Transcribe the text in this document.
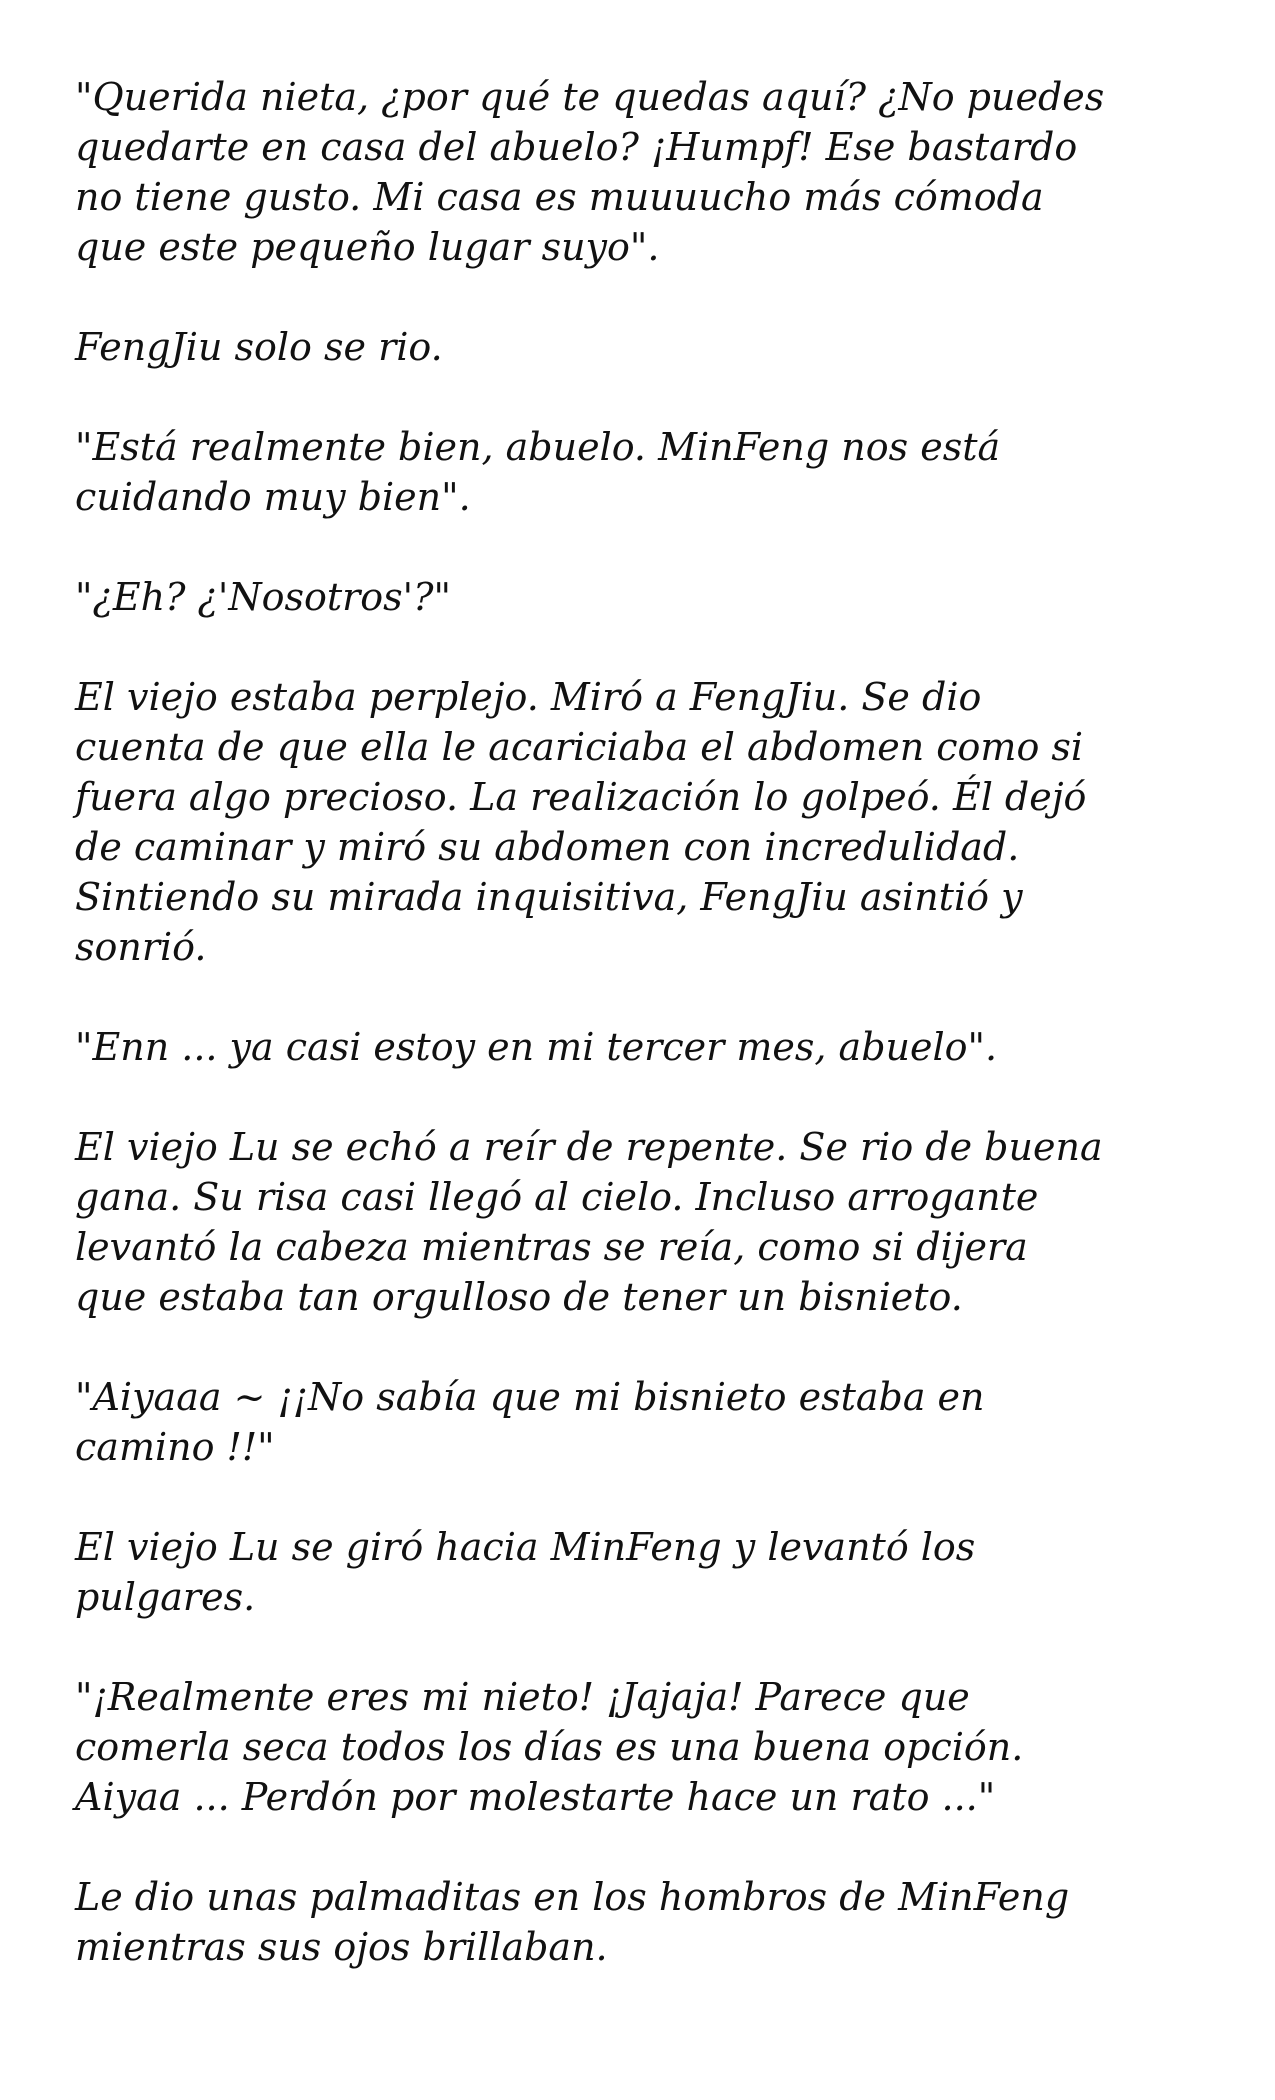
"Querida nieta, ¿por qué te quedas aquí? ¿No puedes
quedarte en casa del abuelo? ¡Humpf! Ese bastardo
no tiene gusto. Mi casa es muuuucho más cómoda
que este pequeño lugar suyo".

FengJiu solo se rio.

"Está realmente bien, abuelo. MinFeng nos está
cuidando muy bien".

"¿Eh? ¿'Nosotros'?"

El viejo estaba perplejo. Miró a FengJiu. Se dio
cuenta de que ella le acariciaba el abdomen como si
fuera algo precioso. La realización lo golpeó. Él dejó
de caminar y miró su abdomen con incredulidad.
Sintiendo su mirada inquisitiva, FengJiu asintió y
sonrió.

"Enn ... ya casi estoy en mi tercer mes, abuelo".

El viejo Lu se echó a reír de repente. Se rio de buena
gana. Su risa casi llegó al cielo. Incluso arrogante
levantó la cabeza mientras se reía, como si dijera
que estaba tan orgulloso de tener un bisnieto.

"Aiyaaa ~ ¡¡No sabía que mi bisnieto estaba en
camino !!"

El viejo Lu se giró hacia MinFeng y levantó los
pulgares.

"¡Realmente eres mi nieto! ¡Jajaja! Parece que
comerla seca todos los días es una buena opción.
Aiyaa ... Perdón por molestarte hace un rato ..."

Le dio unas palmaditas en los hombros de MinFeng
mientras sus ojos brillaban.
